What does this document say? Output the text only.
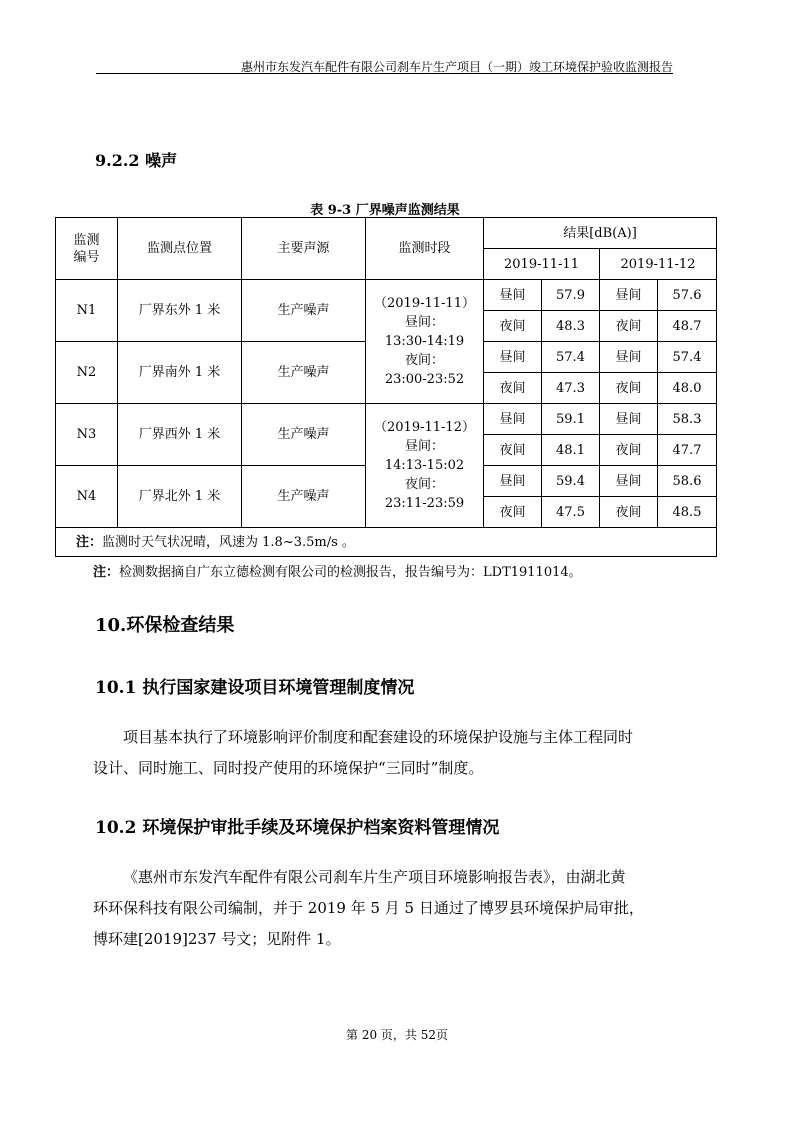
惠州市东发汽车配件有限公司刹车片生产项目（一期）竣工环境保护验收监测报告
9.2.2 噪声
表 9-3 厂界噪声监测结果
监测编号	监测点位置	主要声源	监测时段	结果[dB(A)]			
				2019-11-11		2019-11-12	
N1	厂界东外 1 米	生产噪声	（2019-11-11）
昼间：
13:30-14:19
夜间：
23:00-23:52	昼间	57.9	昼间	57.6
				夜间	48.3	夜间	48.7
N2	厂界南外 1 米	生产噪声		昼间	57.4	昼间	57.4
				夜间	47.3	夜间	48.0
N3	厂界西外 1 米	生产噪声	（2019-11-12）
昼间：
14:13-15:02
夜间：
23:11-23:59	昼间	59.1	昼间	58.3
				夜间	48.1	夜间	47.7
N4	厂界北外 1 米	生产噪声		昼间	59.4	昼间	58.6
				夜间	47.5	夜间	48.5
注：监测时天气状况晴，风速为 1.8~3.5m/s 。							
注：检测数据摘自广东立德检测有限公司的检测报告，报告编号为：LDT1911014。
10.环保检查结果
10.1 执行国家建设项目环境管理制度情况

项目基本执行了环境影响评价制度和配套建设的环境保护设施与主体工程同时

设计、同时施工、同时投产使用的环境保护“三同时”制度。

10.2 环境保护审批手续及环境保护档案资料管理情况

《惠州市东发汽车配件有限公司刹车片生产项目环境影响报告表》，由湖北黄

环环保科技有限公司编制，并于 2019 年 5 月 5 日通过了博罗县环境保护局审批，

博环建[2019]237 号文；见附件 1。

第 20 页，共 52页
